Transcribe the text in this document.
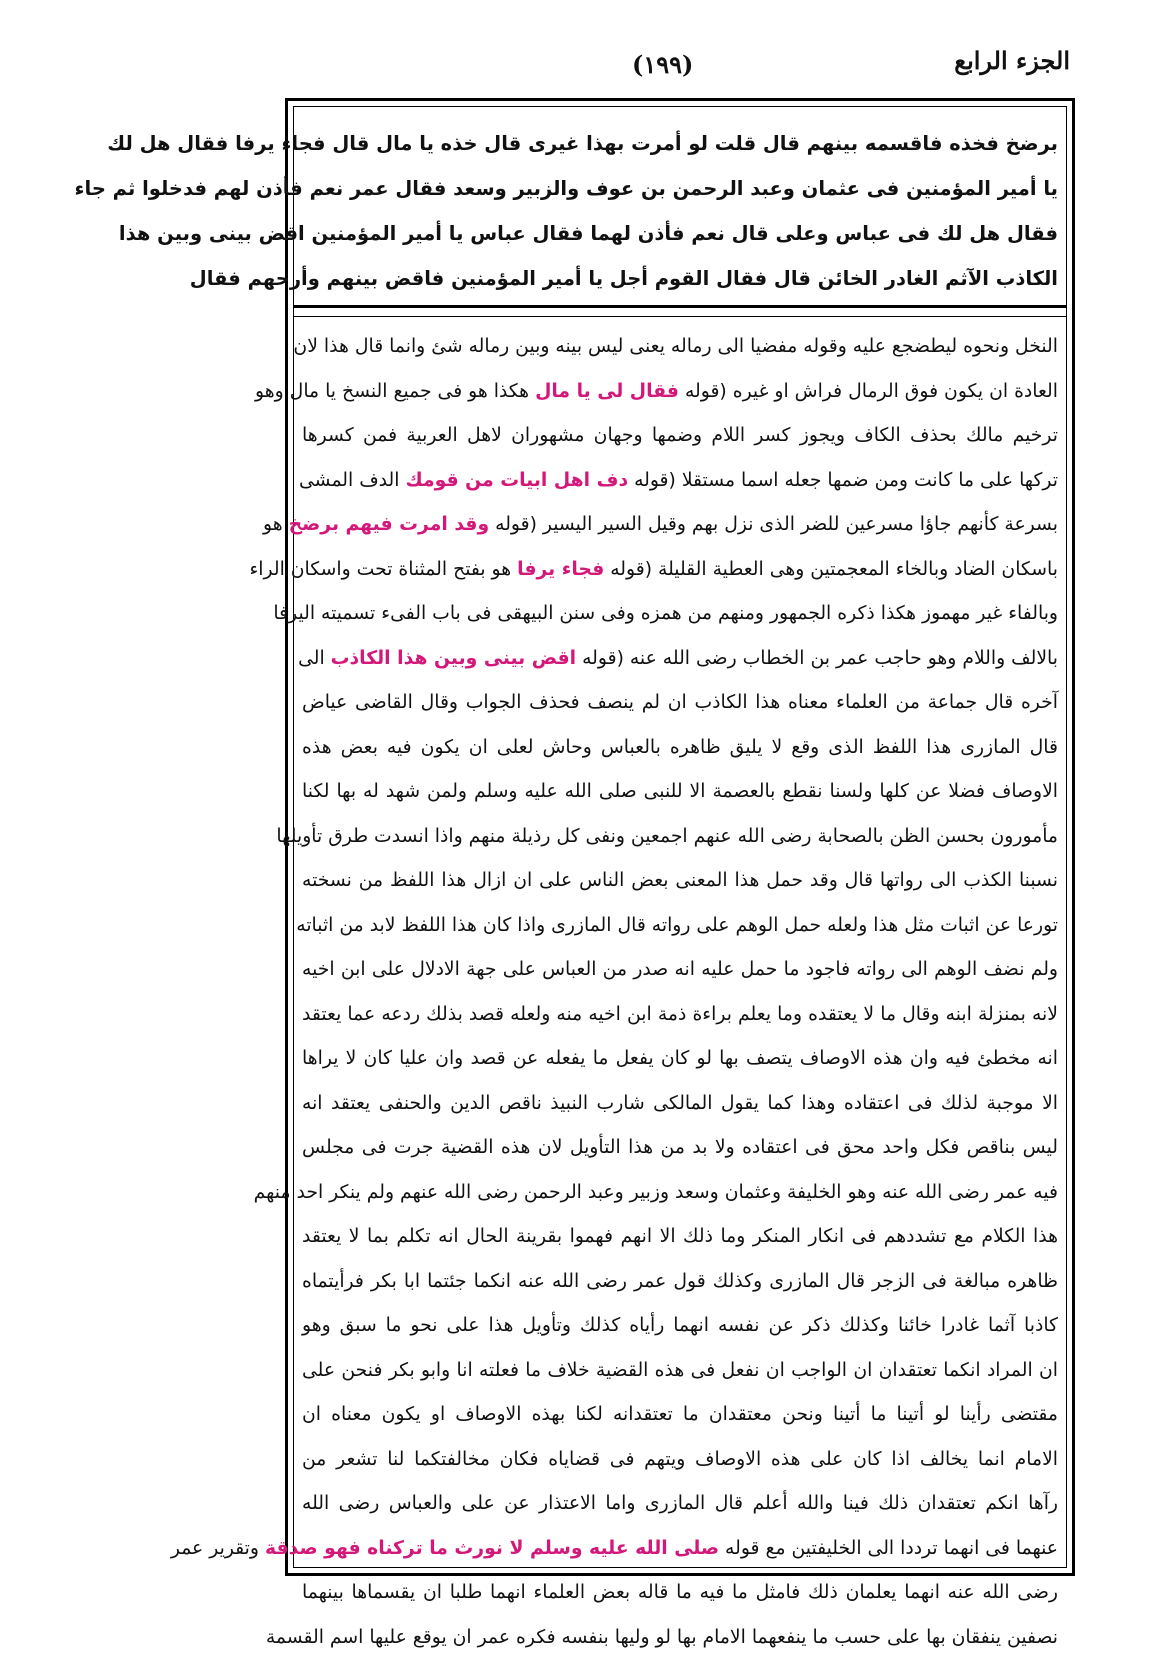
الجزء الرابع
(١٩٩)
برضخ فخذه فاقسمه بينهم قال قلت لو أمرت بهذا غيرى قال خذه يا مال قال فجاء يرفا فقال هل لك
يا أمير المؤمنين فى عثمان وعبد الرحمن بن عوف والزبير وسعد فقال عمر نعم فأذن لهم فدخلوا ثم جاء
فقال هل لك فى عباس وعلى قال نعم فأذن لهما فقال عباس يا أمير المؤمنين اقض بينى وبين هذا
الكاذب الآثم الغادر الخائن قال فقال القوم أجل يا أمير المؤمنين فاقض بينهم وأرحهم فقال
النخل ونحوه ليطضجع عليه وقوله مفضيا الى رماله يعنى ليس بينه وبين رماله شئ وانما قال هذا لان
العادة ان يكون فوق الرمال فراش او غيره (قوله فقال لى يا مال هكذا هو فى جميع النسخ يا مال وهو
ترخيم مالك بحذف الكاف ويجوز كسر اللام وضمها وجهان مشهوران لاهل العربية فمن كسرها
تركها على ما كانت ومن ضمها جعله اسما مستقلا (قوله دف اهل ابيات من قومك الدف المشى
بسرعة كأنهم جاؤا مسرعين للضر الذى نزل بهم وقيل السير اليسير (قوله وقد امرت فيهم برضخ هو
باسكان الضاد وبالخاء المعجمتين وهى العطية القليلة (قوله فجاء يرفا هو بفتح المثناة تحت واسكان الراء
وبالفاء غير مهموز هكذا ذكره الجمهور ومنهم من همزه وفى سنن البيهقى فى باب الفىء تسميته اليرفا
بالالف واللام وهو حاجب عمر بن الخطاب رضى الله عنه (قوله اقض بينى وبين هذا الكاذب الى
آخره قال جماعة من العلماء معناه هذا الكاذب ان لم ينصف فحذف الجواب وقال القاضى عياض
قال المازرى هذا اللفظ الذى وقع لا يليق ظاهره بالعباس وحاش لعلى ان يكون فيه بعض هذه
الاوصاف فضلا عن كلها ولسنا نقطع بالعصمة الا للنبى صلى الله عليه وسلم ولمن شهد له بها لكنا
مأمورون بحسن الظن بالصحابة رضى الله عنهم اجمعين ونفى كل رذيلة منهم واذا انسدت طرق تأويلها
نسبنا الكذب الى رواتها قال وقد حمل هذا المعنى بعض الناس على ان ازال هذا اللفظ من نسخته
تورعا عن اثبات مثل هذا ولعله حمل الوهم على رواته قال المازرى واذا كان هذا اللفظ لابد من اثباته
ولم نضف الوهم الى رواته فاجود ما حمل عليه انه صدر من العباس على جهة الادلال على ابن اخيه
لانه بمنزلة ابنه وقال ما لا يعتقده وما يعلم براءة ذمة ابن اخيه منه ولعله قصد بذلك ردعه عما يعتقد
انه مخطئ فيه وان هذه الاوصاف يتصف بها لو كان يفعل ما يفعله عن قصد وان عليا كان لا يراها
الا موجبة لذلك فى اعتقاده وهذا كما يقول المالكى شارب النبيذ ناقص الدين والحنفى يعتقد انه
ليس بناقص فكل واحد محق فى اعتقاده ولا بد من هذا التأويل لان هذه القضية جرت فى مجلس
فيه عمر رضى الله عنه وهو الخليفة وعثمان وسعد وزبير وعبد الرحمن رضى الله عنهم ولم ينكر احد منهم
هذا الكلام مع تشددهم فى انكار المنكر وما ذلك الا انهم فهموا بقرينة الحال انه تكلم بما لا يعتقد
ظاهره مبالغة فى الزجر قال المازرى وكذلك قول عمر رضى الله عنه انكما جئتما ابا بكر فرأيتماه
كاذبا آثما غادرا خائنا وكذلك ذكر عن نفسه انهما رأياه كذلك وتأويل هذا على نحو ما سبق وهو
ان المراد انكما تعتقدان ان الواجب ان نفعل فى هذه القضية خلاف ما فعلته انا وابو بكر فنحن على
مقتضى رأينا لو أتينا ما أتينا ونحن معتقدان ما تعتقدانه لكنا بهذه الاوصاف او يكون معناه ان
الامام انما يخالف اذا كان على هذه الاوصاف ويتهم فى قضاياه فكان مخالفتكما لنا تشعر من
رآها انكم تعتقدان ذلك فينا والله أعلم قال المازرى واما الاعتذار عن على والعباس رضى الله
عنهما فى انهما ترددا الى الخليفتين مع قوله صلى الله عليه وسلم لا نورث ما تركناه فهو صدقة وتقرير عمر
رضى الله عنه انهما يعلمان ذلك فامثل ما فيه ما قاله بعض العلماء انهما طلبا ان يقسماها بينهما
نصفين ينفقان بها على حسب ما ينفعهما الامام بها لو وليها بنفسه فكره عمر ان يوقع عليها اسم القسمة
